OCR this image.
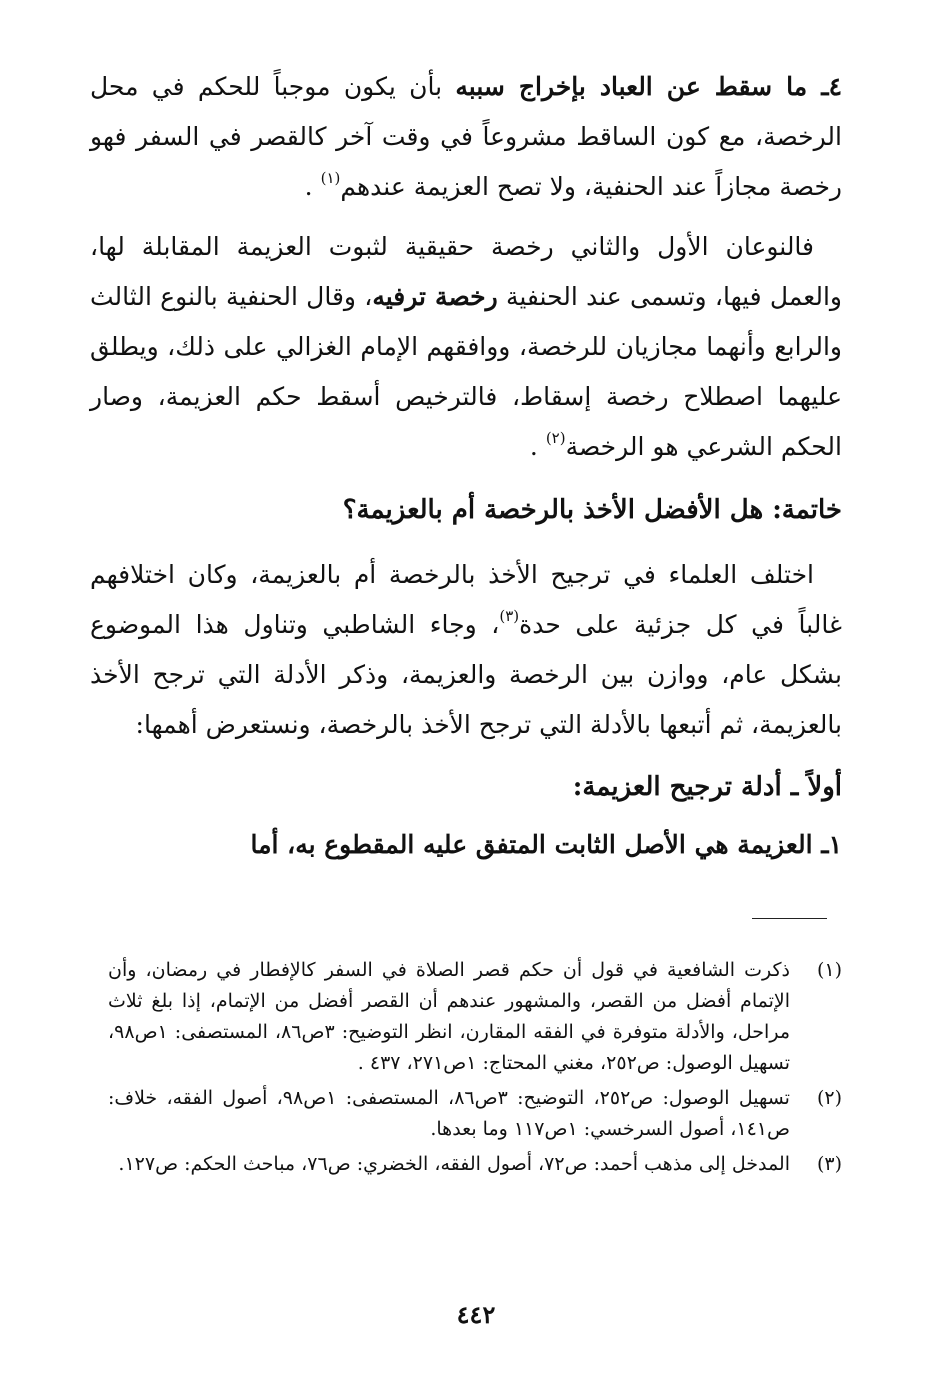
٤ـ ما سقط عن العباد بإخراج سببه بأن يكون موجباً للحكم في محل الرخصة، مع كون الساقط مشروعاً في وقت آخر كالقصر في السفر فهو رخصة مجازاً عند الحنفية، ولا تصح العزيمة عندهم$^{(١)}$ .

فالنوعان الأول والثاني رخصة حقيقية لثبوت العزيمة المقابلة لها، والعمل فيها، وتسمى عند الحنفية رخصة ترفيه، وقال الحنفية بالنوع الثالث والرابع وأنهما مجازيان للرخصة، ووافقهم الإمام الغزالي على ذلك، ويطلق عليهما اصطلاح رخصة إسقاط، فالترخيص أسقط حكم العزيمة، وصار الحكم الشرعي هو الرخصة$^{(٢)}$ .

خاتمة: هل الأفضل الأخذ بالرخصة أم بالعزيمة؟

اختلف العلماء في ترجيح الأخذ بالرخصة أم بالعزيمة، وكان اختلافهم غالباً في كل جزئية على حدة$^{(٣)}$، وجاء الشاطبي وتناول هذا الموضوع بشكل عام، ووازن بين الرخصة والعزيمة، وذكر الأدلة التي ترجح الأخذ بالعزيمة، ثم أتبعها بالأدلة التي ترجح الأخذ بالرخصة، ونستعرض أهمها:

أولاً ـ أدلة ترجيح العزيمة:

١ـ العزيمة هي الأصل الثابت المتفق عليه المقطوع به، أما

(١)
ذكرت الشافعية في قول أن حكم قصر الصلاة في السفر كالإفطار في رمضان، وأن الإتمام أفضل من القصر، والمشهور عندهم أن القصر أفضل من الإتمام، إذا بلغ ثلاث مراحل، والأدلة متوفرة في الفقه المقارن، انظر التوضيح: ٣ص٨٦، المستصفى: ١ص٩٨، تسهيل الوصول: ص٢٥٢، مغني المحتاج: ١ص٢٧١، ٤٣٧ .
(٢)
تسهيل الوصول: ص٢٥٢، التوضيح: ٣ص٨٦، المستصفى: ١ص٩٨، أصول الفقه، خلاف: ص١٤١، أصول السرخسي: ١ص١١٧ وما بعدها.
(٣)
المدخل إلى مذهب أحمد: ص٧٢، أصول الفقه، الخضري: ص٧٦، مباحث الحكم: ص١٢٧.
٤٤٢
